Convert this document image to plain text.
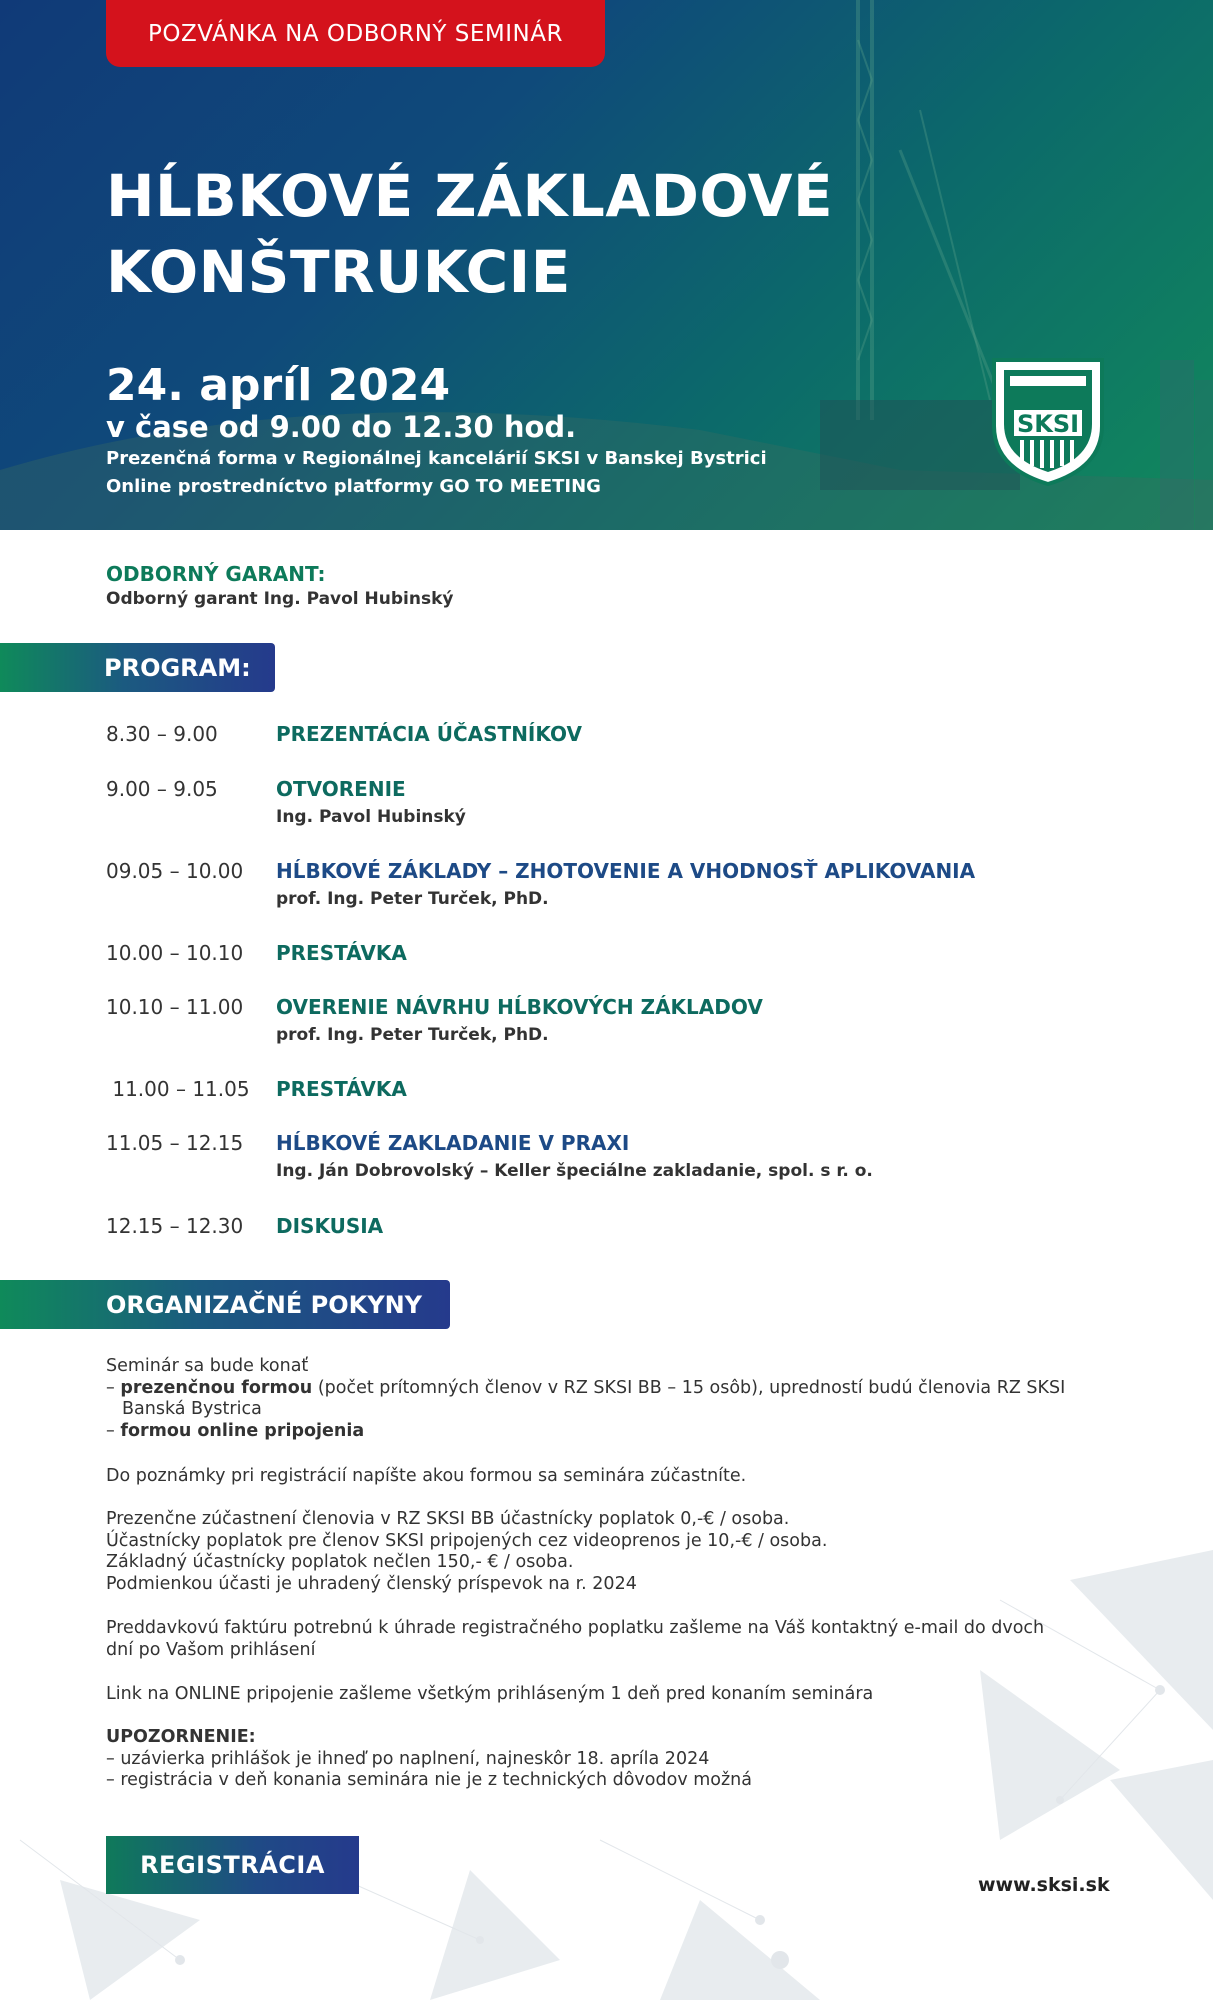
POZVÁNKA NA ODBORNÝ SEMINÁR
HĹBKOVÉ ZÁKLADOVÉ
KONŠTRUKCIE
24. apríl 2024
v čase od 9.00 do 12.30 hod.
Prezenčná forma v Regionálnej kancelárií SKSI v Banskej Bystrici
Online prostredníctvo platformy GO TO MEETING
SKSI
ODBORNÝ GARANT:
Odborný garant Ing. Pavol Hubinský
PROGRAM:
8.30 – 9.00	PREZENTÁCIA ÚČASTNÍKOV
9.00 – 9.05	OTVORENIE
Ing. Pavol Hubinský
09.05 – 10.00 HĹBKOVÉ ZÁKLADY – ZHOTOVENIE A VHODNOSŤ APLIKOVANIA
prof. Ing. Peter Turček, PhD.
10.00 – 10.10 PRESTÁVKA
10.10 – 11.00 OVERENIE NÁVRHU HĹBKOVÝCH ZÁKLADOV
prof. Ing. Peter Turček, PhD.
11.00 – 11.05 PRESTÁVKA
11.05 – 12.15 HĹBKOVÉ ZAKLADANIE V PRAXI
Ing. Ján Dobrovolský – Keller špeciálne zakladanie, spol. s r. o.
12.15 – 12.30 DISKUSIA
ORGANIZAČNÉ POKYNY
Seminár sa bude konať
– prezenčnou formou (počet prítomných členov v RZ SKSI BB – 15 osôb), upredností budú členovia RZ SKSI
Banská Bystrica
– formou online pripojenia
Do poznámky pri registrácií napíšte akou formou sa seminára zúčastníte.
Prezenčne zúčastnení členovia v RZ SKSI BB účastnícky poplatok 0,-€ / osoba.
Účastnícky poplatok pre členov SKSI pripojených cez videoprenos je 10,-€ / osoba.
Základný účastnícky poplatok nečlen 150,- € / osoba.
Podmienkou účasti je uhradený členský príspevok na r. 2024
Preddavkovú faktúru potrebnú k úhrade registračného poplatku zašleme na Váš kontaktný e-mail do dvoch
dní po Vašom prihlásení
Link na ONLINE pripojenie zašleme všetkým prihláseným 1 deň pred konaním seminára
UPOZORNENIE:
– uzávierka prihlášok je ihneď po naplnení, najneskôr 18. apríla 2024
– registrácia v deň konania seminára nie je z technických dôvodov možná
REGISTRÁCIA
www.sksi.sk
